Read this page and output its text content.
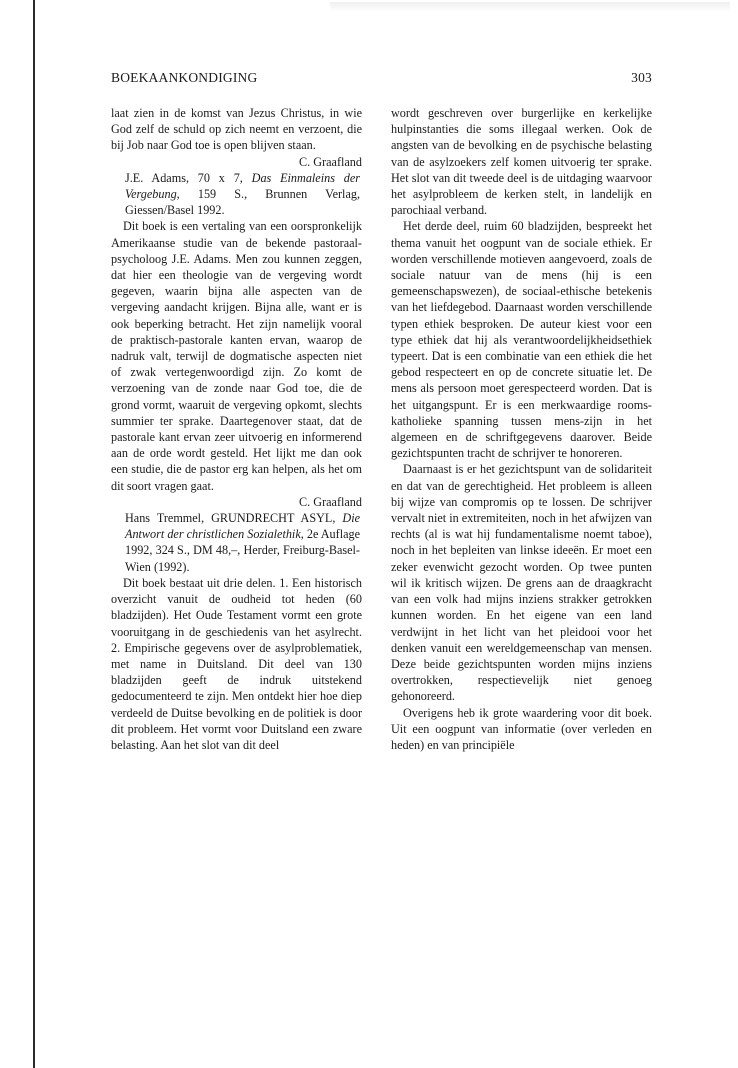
BOEKAANKONDIGING	303

laat zien in de komst van Jezus Christus, in wie God zelf de schuld op zich neemt en verzoent, die bij Job naar God toe is open blijven staan.

C. Graafland

J.E. Adams, 70 x 7, Das Einmaleins der Vergebung, 159 S., Brunnen Verlag, Giessen/Basel 1992.

Dit boek is een vertaling van een oorspronkelijk Amerikaanse studie van de bekende pastoraal-psycholoog J.E. Adams. Men zou kunnen zeggen, dat hier een theologie van de vergeving wordt gegeven, waarin bijna alle aspecten van de vergeving aandacht krijgen. Bijna alle, want er is ook beperking betracht. Het zijn namelijk vooral de praktisch-pastorale kanten ervan, waarop de nadruk valt, terwijl de dogmatische aspecten niet of zwak vertegenwoordigd zijn. Zo komt de verzoening van de zonde naar God toe, die de grond vormt, waaruit de vergeving opkomt, slechts summier ter sprake. Daartegenover staat, dat de pastorale kant ervan zeer uitvoerig en informerend aan de orde wordt gesteld. Het lijkt me dan ook een studie, die de pastor erg kan helpen, als het om dit soort vragen gaat.

C. Graafland

Hans Tremmel, GRUNDRECHT ASYL, Die Antwort der christlichen Sozialethik, 2e Auflage 1992, 324 S., DM 48,–, Herder, Freiburg-Basel-Wien (1992).

Dit boek bestaat uit drie delen. 1. Een historisch overzicht vanuit de oudheid tot heden (60 bladzijden). Het Oude Testament vormt een grote vooruitgang in de geschiedenis van het asylrecht. 2. Empirische gegevens over de asylproblematiek, met name in Duitsland. Dit deel van 130 bladzijden geeft de indruk uitstekend gedocumenteerd te zijn. Men ontdekt hier hoe diep verdeeld de Duitse bevolking en de politiek is door dit probleem. Het vormt voor Duitsland een zware belasting. Aan het slot van dit deel

wordt geschreven over burgerlijke en kerkelijke hulpinstanties die soms illegaal werken. Ook de angsten van de bevolking en de psychische belasting van de asylzoekers zelf komen uitvoerig ter sprake. Het slot van dit tweede deel is de uitdaging waarvoor het asylprobleem de kerken stelt, in landelijk en parochiaal verband.

Het derde deel, ruim 60 bladzijden, bespreekt het thema vanuit het oogpunt van de sociale ethiek. Er worden verschillende motieven aangevoerd, zoals de sociale natuur van de mens (hij is een gemeenschapswezen), de sociaal-ethische betekenis van het liefdegebod. Daarnaast worden verschillende typen ethiek besproken. De auteur kiest voor een type ethiek dat hij als verantwoordelijkheidsethiek typeert. Dat is een combinatie van een ethiek die het gebod respecteert en op de concrete situatie let. De mens als persoon moet gerespecteerd worden. Dat is het uitgangspunt. Er is een merkwaardige rooms-katholieke spanning tussen mens-zijn in het algemeen en de schriftgegevens daarover. Beide gezichtspunten tracht de schrijver te honoreren.

Daarnaast is er het gezichtspunt van de solidariteit en dat van de gerechtigheid. Het probleem is alleen bij wijze van compromis op te lossen. De schrijver vervalt niet in extremiteiten, noch in het afwijzen van rechts (al is wat hij fundamentalisme noemt taboe), noch in het bepleiten van linkse ideeën. Er moet een zeker evenwicht gezocht worden. Op twee punten wil ik kritisch wijzen. De grens aan de draagkracht van een volk had mijns inziens strakker getrokken kunnen worden. En het eigene van een land verdwijnt in het licht van het pleidooi voor het denken vanuit een wereldgemeenschap van mensen. Deze beide gezichtspunten worden mijns inziens overtrokken, respectievelijk niet genoeg gehonoreerd.

Overigens heb ik grote waardering voor dit boek. Uit een oogpunt van informatie (over verleden en heden) en van principiële
